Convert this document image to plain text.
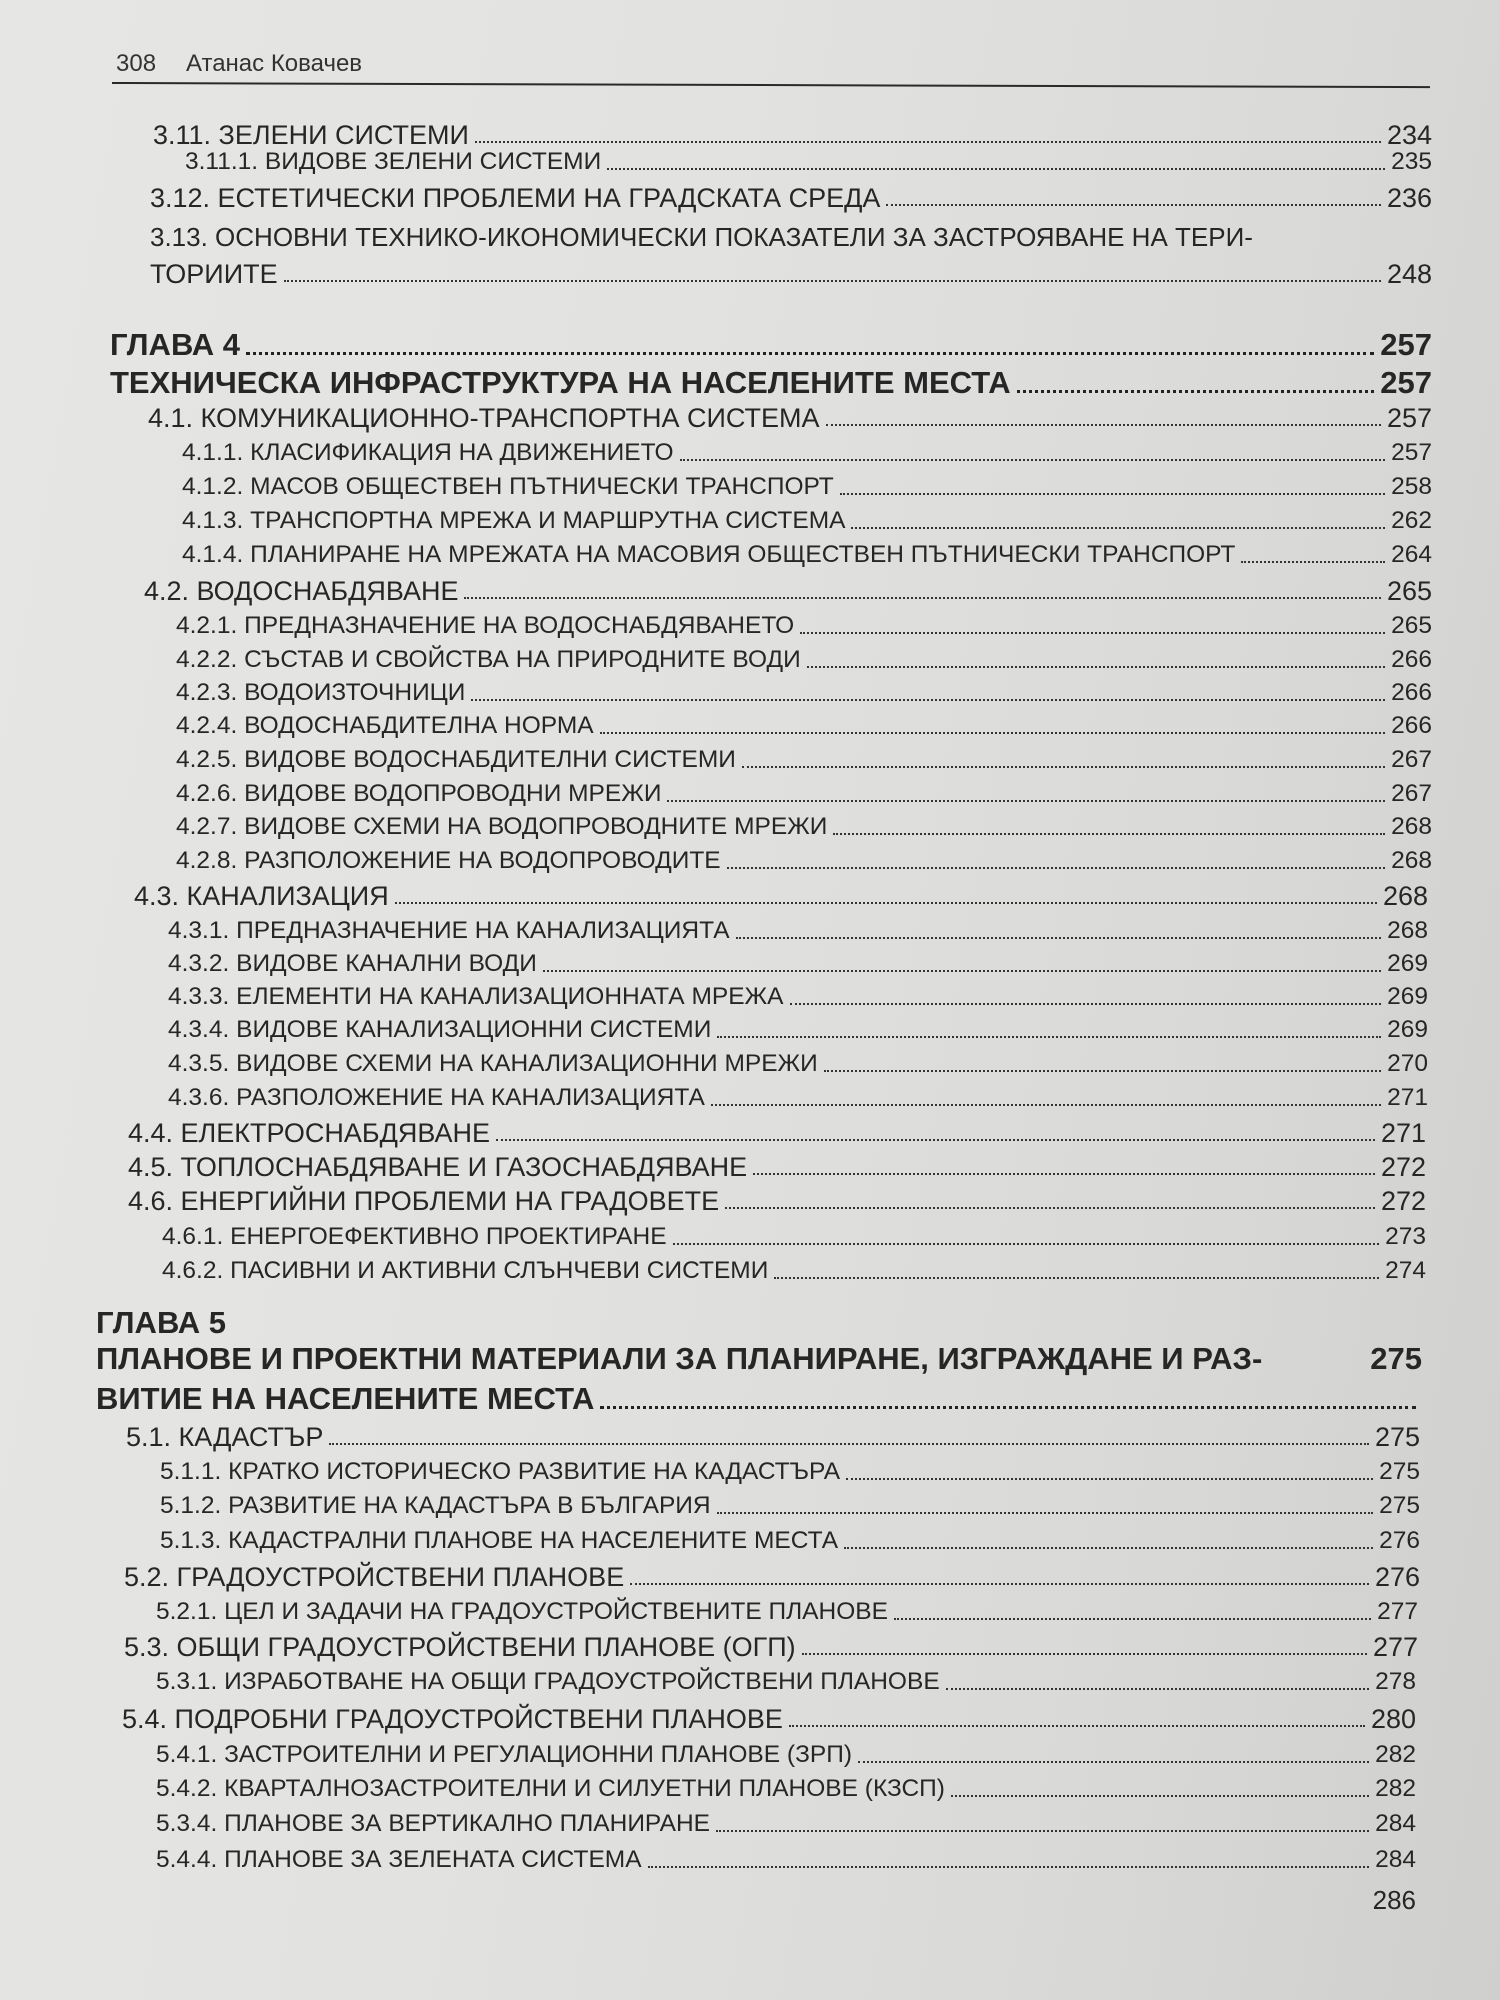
308 Атанас Ковачев

3.11. ЗЕЛЕНИ СИСТЕМИ	234
3.11.1. ВИДОВЕ ЗЕЛЕНИ СИСТЕМИ	235
3.12. ЕСТЕТИЧЕСКИ ПРОБЛЕМИ НА ГРАДСКАТА СРЕДА	236
3.13. ОСНОВНИ ТЕХНИКО-ИКОНОМИЧЕСКИ ПОКАЗАТЕЛИ ЗА ЗАСТРОЯВАНЕ НА ТЕРИ-
ТОРИИТЕ	248
ГЛАВА 4	257
ТЕХНИЧЕСКА ИНФРАСТРУКТУРА НА НАСЕЛЕНИТЕ МЕСТА	257
4.1. КОМУНИКАЦИОННО-ТРАНСПОРТНА СИСТЕМА	257
4.1.1. КЛАСИФИКАЦИЯ НА ДВИЖЕНИЕТО	257
4.1.2. МАСОВ ОБЩЕСТВЕН ПЪТНИЧЕСКИ ТРАНСПОРТ	258
4.1.3. ТРАНСПОРТНА МРЕЖА И МАРШРУТНА СИСТЕМА	262
4.1.4. ПЛАНИРАНЕ НА МРЕЖАТА НА МАСОВИЯ ОБЩЕСТВЕН ПЪТНИЧЕСКИ ТРАНСПОРТ	264
4.2. ВОДОСНАБДЯВАНЕ	265
4.2.1. ПРЕДНАЗНАЧЕНИЕ НА ВОДОСНАБДЯВАНЕТО	265
4.2.2. СЪСТАВ И СВОЙСТВА НА ПРИРОДНИТЕ ВОДИ	266
4.2.3. ВОДОИЗТОЧНИЦИ	266
4.2.4. ВОДОСНАБДИТЕЛНА НОРМА	266
4.2.5. ВИДОВЕ ВОДОСНАБДИТЕЛНИ СИСТЕМИ	267
4.2.6. ВИДОВЕ ВОДОПРОВОДНИ МРЕЖИ	267
4.2.7. ВИДОВЕ СХЕМИ НА ВОДОПРОВОДНИТЕ МРЕЖИ	268
4.2.8. РАЗПОЛОЖЕНИЕ НА ВОДОПРОВОДИТЕ	268
4.3. КАНАЛИЗАЦИЯ	268
4.3.1. ПРЕДНАЗНАЧЕНИЕ НА КАНАЛИЗАЦИЯТА	268
4.3.2. ВИДОВЕ КАНАЛНИ ВОДИ	269
4.3.3. ЕЛЕМЕНТИ НА КАНАЛИЗАЦИОННАТА МРЕЖА	269
4.3.4. ВИДОВЕ КАНАЛИЗАЦИОННИ СИСТЕМИ	269
4.3.5. ВИДОВЕ СХЕМИ НА КАНАЛИЗАЦИОННИ МРЕЖИ	270
4.3.6. РАЗПОЛОЖЕНИЕ НА КАНАЛИЗАЦИЯТА	271
4.4. ЕЛЕКТРОСНАБДЯВАНЕ	271
4.5. ТОПЛОСНАБДЯВАНЕ И ГАЗОСНАБДЯВАНЕ	272
4.6. ЕНЕРГИЙНИ ПРОБЛЕМИ НА ГРАДОВЕТЕ	272
4.6.1. ЕНЕРГОЕФЕКТИВНО ПРОЕКТИРАНЕ	273
4.6.2. ПАСИВНИ И АКТИВНИ СЛЪНЧЕВИ СИСТЕМИ	274
ГЛАВА 5
ПЛАНОВЕ И ПРОЕКТНИ МАТЕРИАЛИ ЗА ПЛАНИРАНЕ, ИЗГРАЖДАНЕ И РАЗ-	275
ВИТИЕ НА НАСЕЛЕНИТЕ МЕСТА
5.1. КАДАСТЪР	275
5.1.1. КРАТКО ИСТОРИЧЕСКО РАЗВИТИЕ НА КАДАСТЪРА	275
5.1.2. РАЗВИТИЕ НА КАДАСТЪРА В БЪЛГАРИЯ	275
5.1.3. КАДАСТРАЛНИ ПЛАНОВЕ НА НАСЕЛЕНИТЕ МЕСТА	276
5.2. ГРАДОУСТРОЙСТВЕНИ ПЛАНОВЕ	276
5.2.1. ЦЕЛ И ЗАДАЧИ НА ГРАДОУСТРОЙСТВЕНИТЕ ПЛАНОВЕ	277
5.3. ОБЩИ ГРАДОУСТРОЙСТВЕНИ ПЛАНОВЕ (ОГП)	277
5.3.1. ИЗРАБОТВАНЕ НА ОБЩИ ГРАДОУСТРОЙСТВЕНИ ПЛАНОВЕ	278
5.4. ПОДРОБНИ ГРАДОУСТРОЙСТВЕНИ ПЛАНОВЕ	280
5.4.1. ЗАСТРОИТЕЛНИ И РЕГУЛАЦИОННИ ПЛАНОВЕ (ЗРП)	282
5.4.2. КВАРТАЛНОЗАСТРОИТЕЛНИ И СИЛУЕТНИ ПЛАНОВЕ (КЗСП)	282
5.3.4. ПЛАНОВЕ ЗА ВЕРТИКАЛНО ПЛАНИРАНЕ	284
5.4.4. ПЛАНОВЕ ЗА ЗЕЛЕНАТА СИСТЕМА	284
286
